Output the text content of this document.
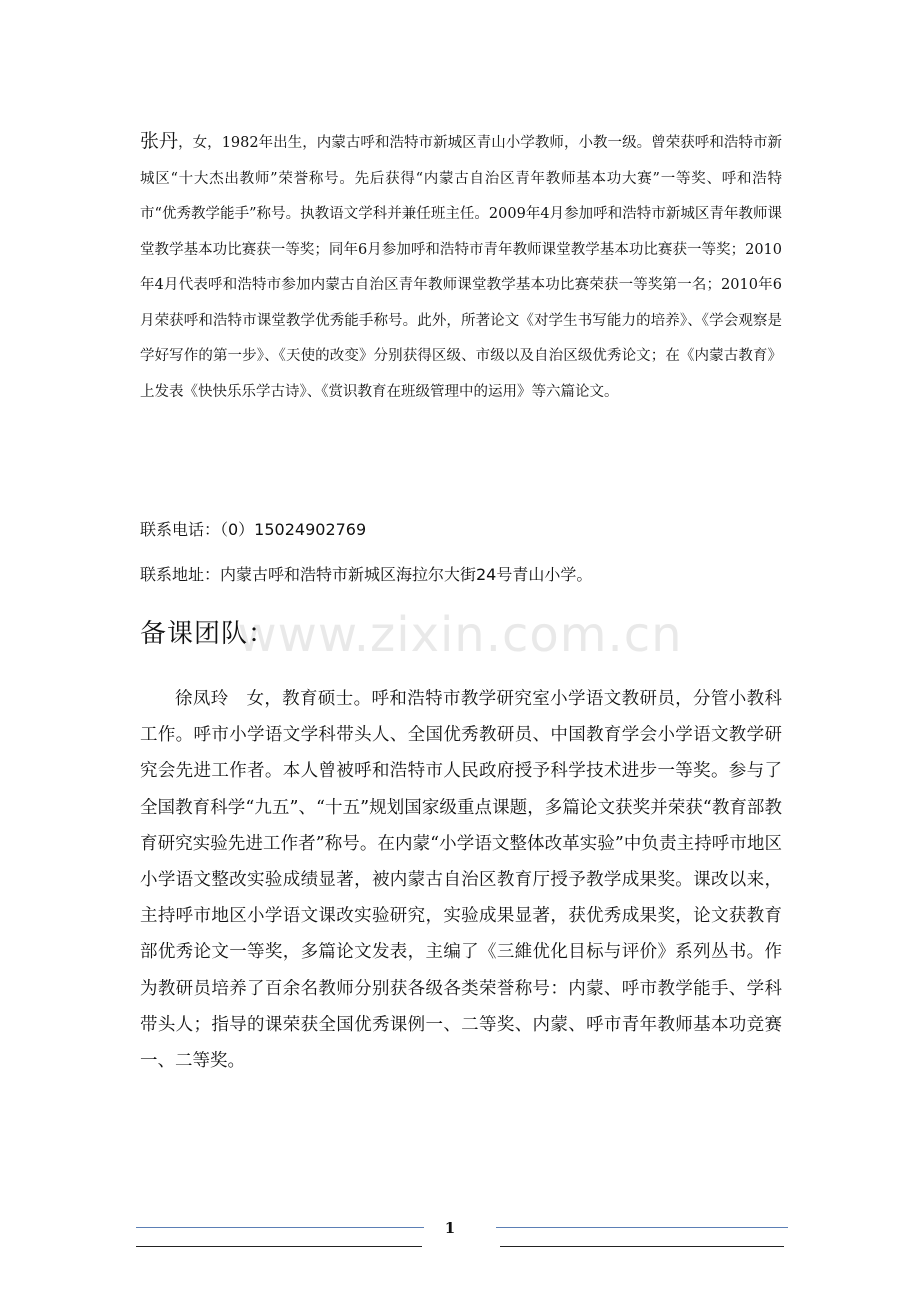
张丹，女，1982年出生，内蒙古呼和浩特市新城区青山小学教师，小教一级。曾荣获呼和浩特市新城区“十大杰出教师”荣誉称号。先后获得“内蒙古自治区青年教师基本功大赛”一等奖、呼和浩特市“优秀教学能手”称号。执教语文学科并兼任班主任。2009年4月参加呼和浩特市新城区青年教师课堂教学基本功比赛获一等奖；同年6月参加呼和浩特市青年教师课堂教学基本功比赛获一等奖；2010年4月代表呼和浩特市参加内蒙古自治区青年教师课堂教学基本功比赛荣获一等奖第一名；2010年6月荣获呼和浩特市课堂教学优秀能手称号。此外，所著论文《对学生书写能力的培养》、《学会观察是学好写作的第一步》、《天使的改变》分别获得区级、市级以及自治区级优秀论文；在《内蒙古教育》上发表《快快乐乐学古诗》、《赏识教育在班级管理中的运用》等六篇论文。
联系电话：（0）15024902769
联系地址：内蒙古呼和浩特市新城区海拉尔大街24号青山小学。
www.zixin.com.cn
备课团队：
徐凤玲　女，教育硕士。呼和浩特市教学研究室小学语文教研员，分管小教科工作。呼市小学语文学科带头人、全国优秀教研员、中国教育学会小学语文教学研究会先进工作者。本人曾被呼和浩特市人民政府授予科学技术进步一等奖。参与了全国教育科学“九五”、“十五”规划国家级重点课题，多篇论文获奖并荣获“教育部教育研究实验先进工作者”称号。在内蒙“小学语文整体改革实验”中负责主持呼市地区小学语文整改实验成绩显著，被内蒙古自治区教育厅授予教学成果奖。课改以来，主持呼市地区小学语文课改实验研究，实验成果显著，获优秀成果奖，论文获教育部优秀论文一等奖，多篇论文发表，主编了《三維优化目标与评价》系列丛书。作为教研员培养了百余名教师分别获各级各类荣誉称号：内蒙、呼市教学能手、学科带头人；指导的课荣获全国优秀课例一、二等奖、内蒙、呼市青年教师基本功竞赛一、二等奖。
1
